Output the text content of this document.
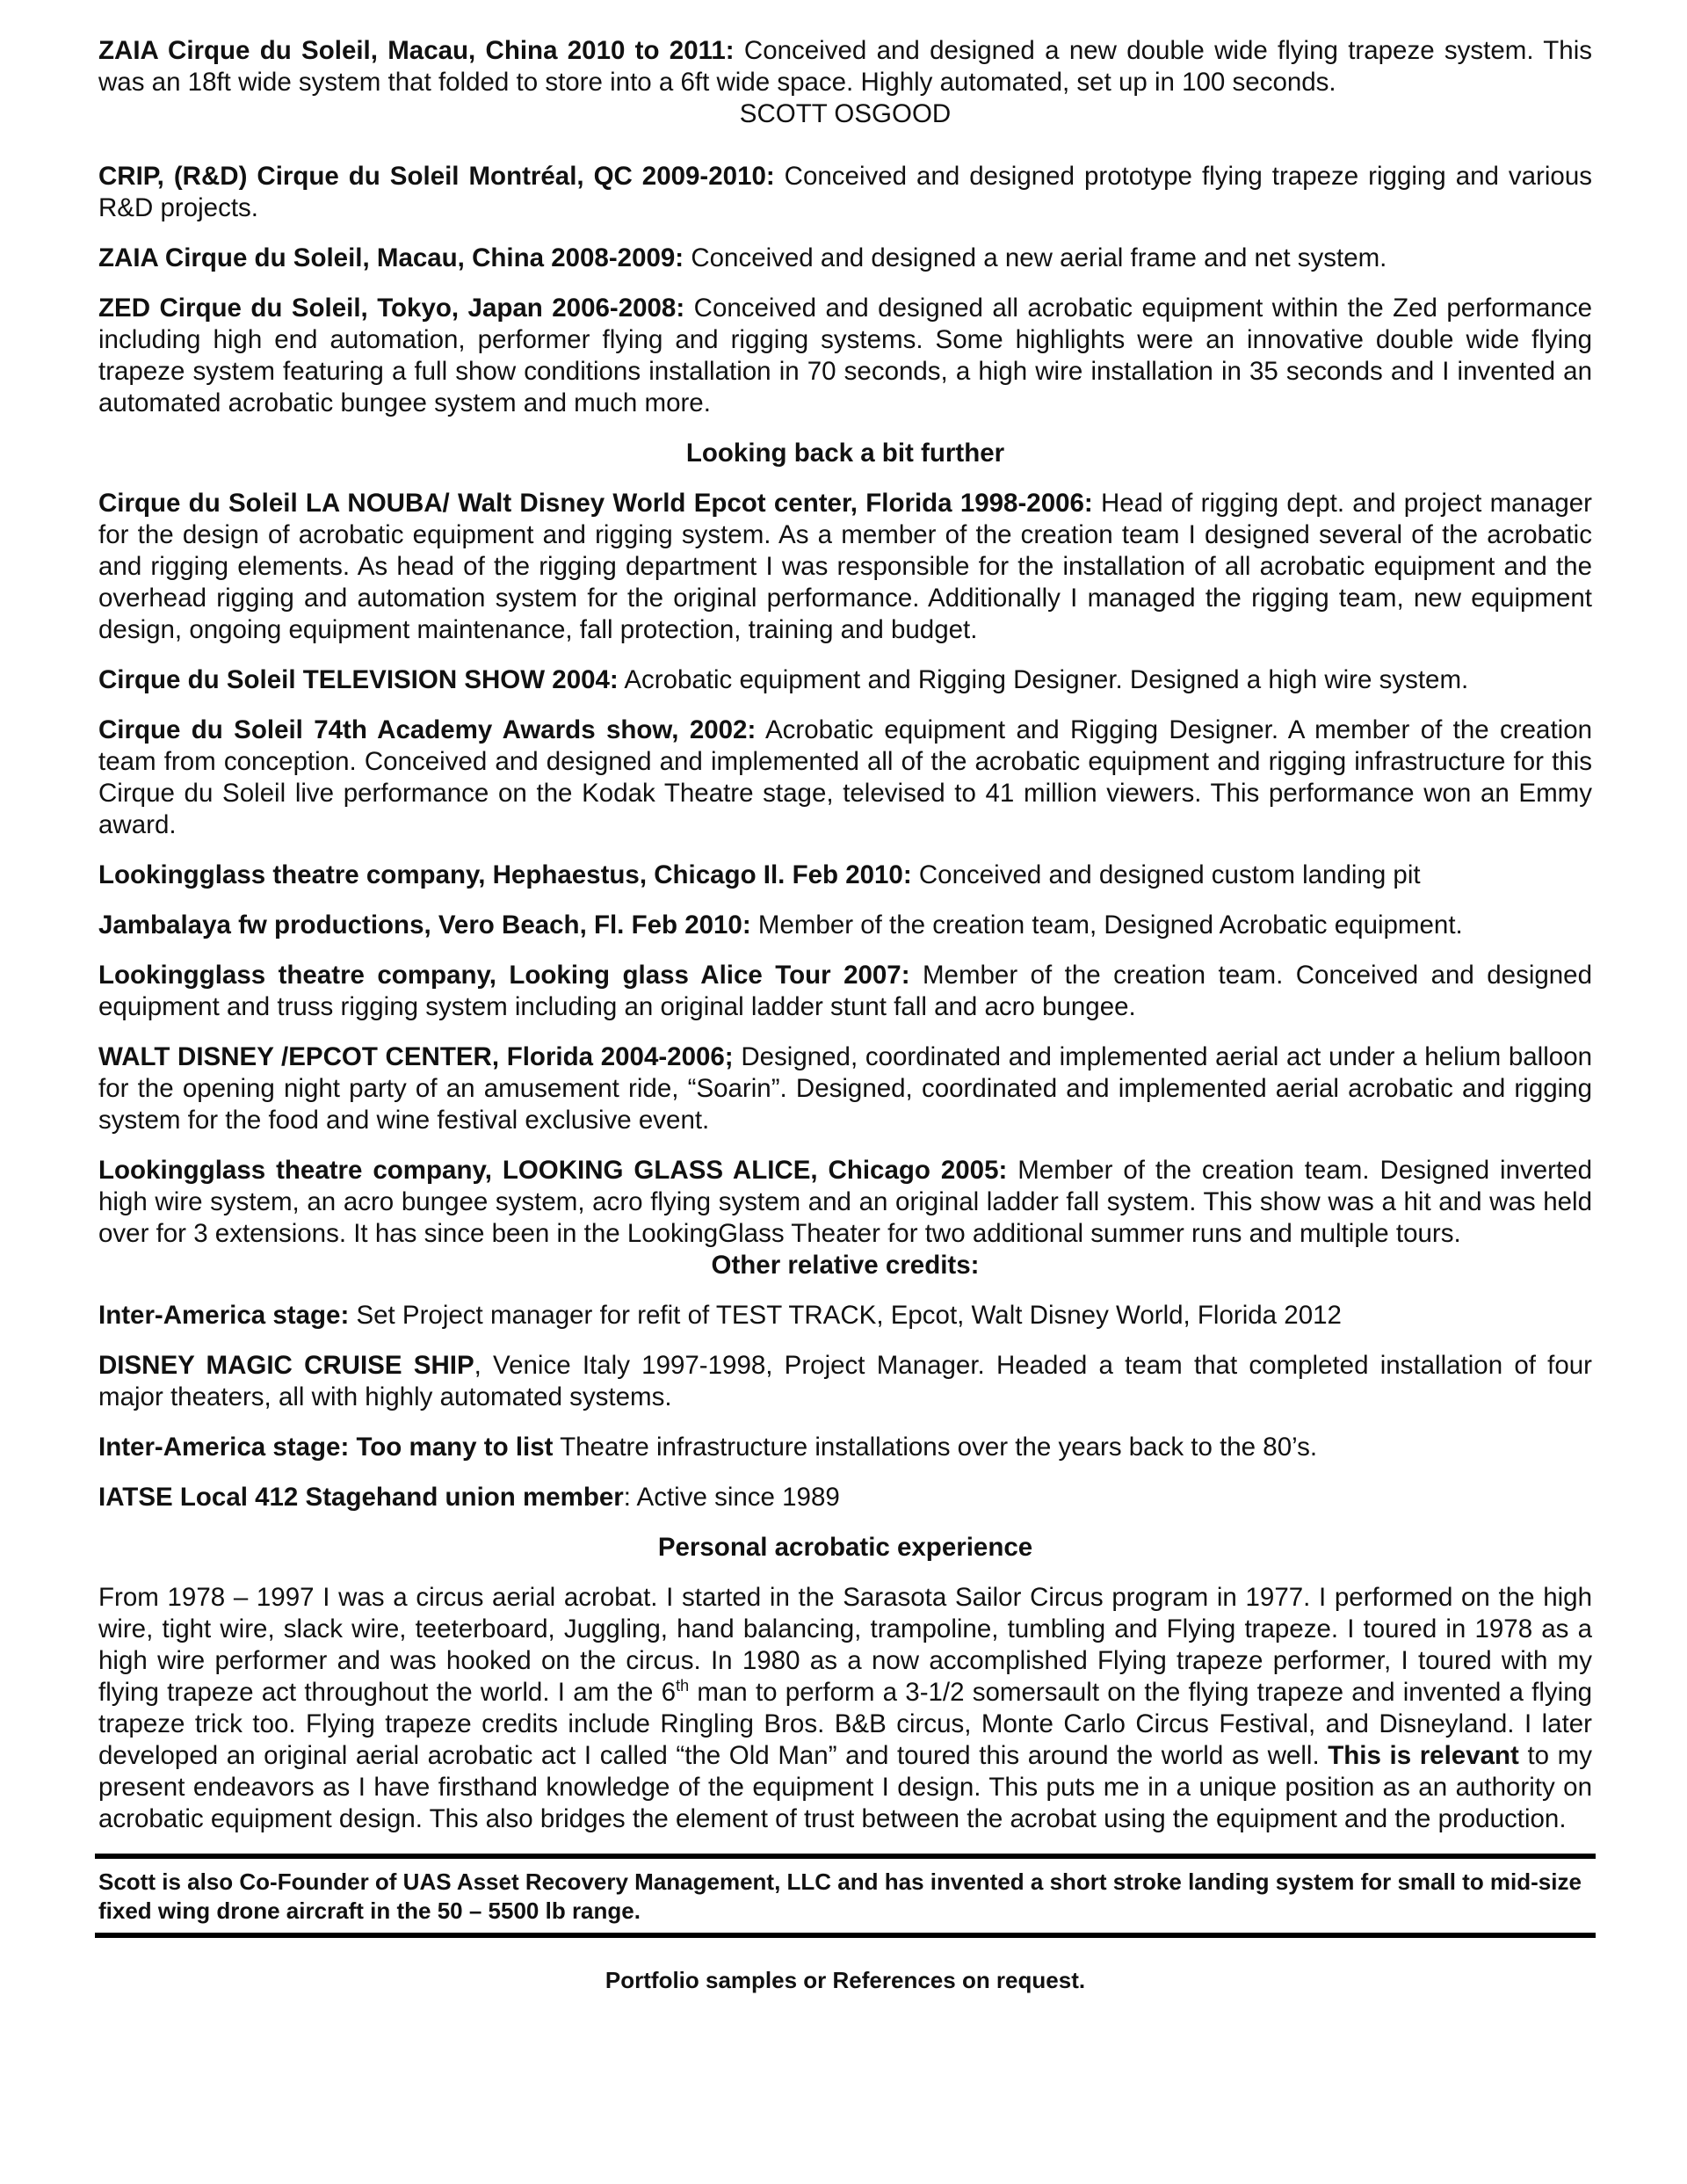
ZAIA Cirque du Soleil, Macau, China 2010 to 2011: Conceived and designed a new double wide flying trapeze system. This was an 18ft wide system that folded to store into a 6ft wide space. Highly automated, set up in 100 seconds.

SCOTT OSGOOD

CRIP, (R&D) Cirque du Soleil Montréal, QC 2009-2010: Conceived and designed prototype flying trapeze rigging and various R&D projects.

ZAIA Cirque du Soleil, Macau, China 2008-2009: Conceived and designed a new aerial frame and net system.

ZED Cirque du Soleil, Tokyo, Japan 2006-2008: Conceived and designed all acrobatic equipment within the Zed performance including high end automation, performer flying and rigging systems. Some highlights were an innovative double wide flying trapeze system featuring a full show conditions installation in 70 seconds, a high wire installation in 35 seconds and I invented an automated acrobatic bungee system and much more.

Looking back a bit further

Cirque du Soleil LA NOUBA/ Walt Disney World Epcot center, Florida 1998-2006: Head of rigging dept. and project manager for the design of acrobatic equipment and rigging system. As a member of the creation team I designed several of the acrobatic and rigging elements. As head of the rigging department I was responsible for the installation of all acrobatic equipment and the overhead rigging and automation system for the original performance. Additionally I managed the rigging team, new equipment design, ongoing equipment maintenance, fall protection, training and budget.

Cirque du Soleil TELEVISION SHOW 2004: Acrobatic equipment and Rigging Designer. Designed a high wire system.

Cirque du Soleil 74th Academy Awards show, 2002: Acrobatic equipment and Rigging Designer. A member of the creation team from conception. Conceived and designed and implemented all of the acrobatic equipment and rigging infrastructure for this Cirque du Soleil live performance on the Kodak Theatre stage, televised to 41 million viewers. This performance won an Emmy award.

Lookingglass theatre company, Hephaestus, Chicago Il. Feb 2010: Conceived and designed custom landing pit

Jambalaya fw productions, Vero Beach, Fl. Feb 2010: Member of the creation team, Designed Acrobatic equipment.

Lookingglass theatre company, Looking glass Alice Tour 2007: Member of the creation team. Conceived and designed equipment and truss rigging system including an original ladder stunt fall and acro bungee.

WALT DISNEY /EPCOT CENTER, Florida 2004-2006; Designed, coordinated and implemented aerial act under a helium balloon for the opening night party of an amusement ride, “Soarin”. Designed, coordinated and implemented aerial acrobatic and rigging system for the food and wine festival exclusive event.

Lookingglass theatre company, LOOKING GLASS ALICE, Chicago 2005: Member of the creation team. Designed inverted high wire system, an acro bungee system, acro flying system and an original ladder fall system. This show was a hit and was held over for 3 extensions. It has since been in the LookingGlass Theater for two additional summer runs and multiple tours.

Other relative credits:

Inter-America stage: Set Project manager for refit of TEST TRACK, Epcot, Walt Disney World, Florida 2012

DISNEY MAGIC CRUISE SHIP, Venice Italy 1997-1998, Project Manager. Headed a team that completed installation of four major theaters, all with highly automated systems.

Inter-America stage: Too many to list Theatre infrastructure installations over the years back to the 80’s.

IATSE Local 412 Stagehand union member: Active since 1989

Personal acrobatic experience

From 1978 – 1997 I was a circus aerial acrobat. I started in the Sarasota Sailor Circus program in 1977. I performed on the high wire, tight wire, slack wire, teeterboard, Juggling, hand balancing, trampoline, tumbling and Flying trapeze. I toured in 1978 as a high wire performer and was hooked on the circus. In 1980 as a now accomplished Flying trapeze performer, I toured with my flying trapeze act throughout the world. I am the 6th man to perform a 3-1/2 somersault on the flying trapeze and invented a flying trapeze trick too. Flying trapeze credits include Ringling Bros. B&B circus, Monte Carlo Circus Festival, and Disneyland. I later developed an original aerial acrobatic act I called “the Old Man” and toured this around the world as well. This is relevant to my present endeavors as I have firsthand knowledge of the equipment I design. This puts me in a unique position as an authority on acrobatic equipment design. This also bridges the element of trust between the acrobat using the equipment and the production.

Scott is also Co-Founder of UAS Asset Recovery Management, LLC and has invented a short stroke landing system for small to mid-size fixed wing drone aircraft in the 50 – 5500 lb range.
Portfolio samples or References on request.
